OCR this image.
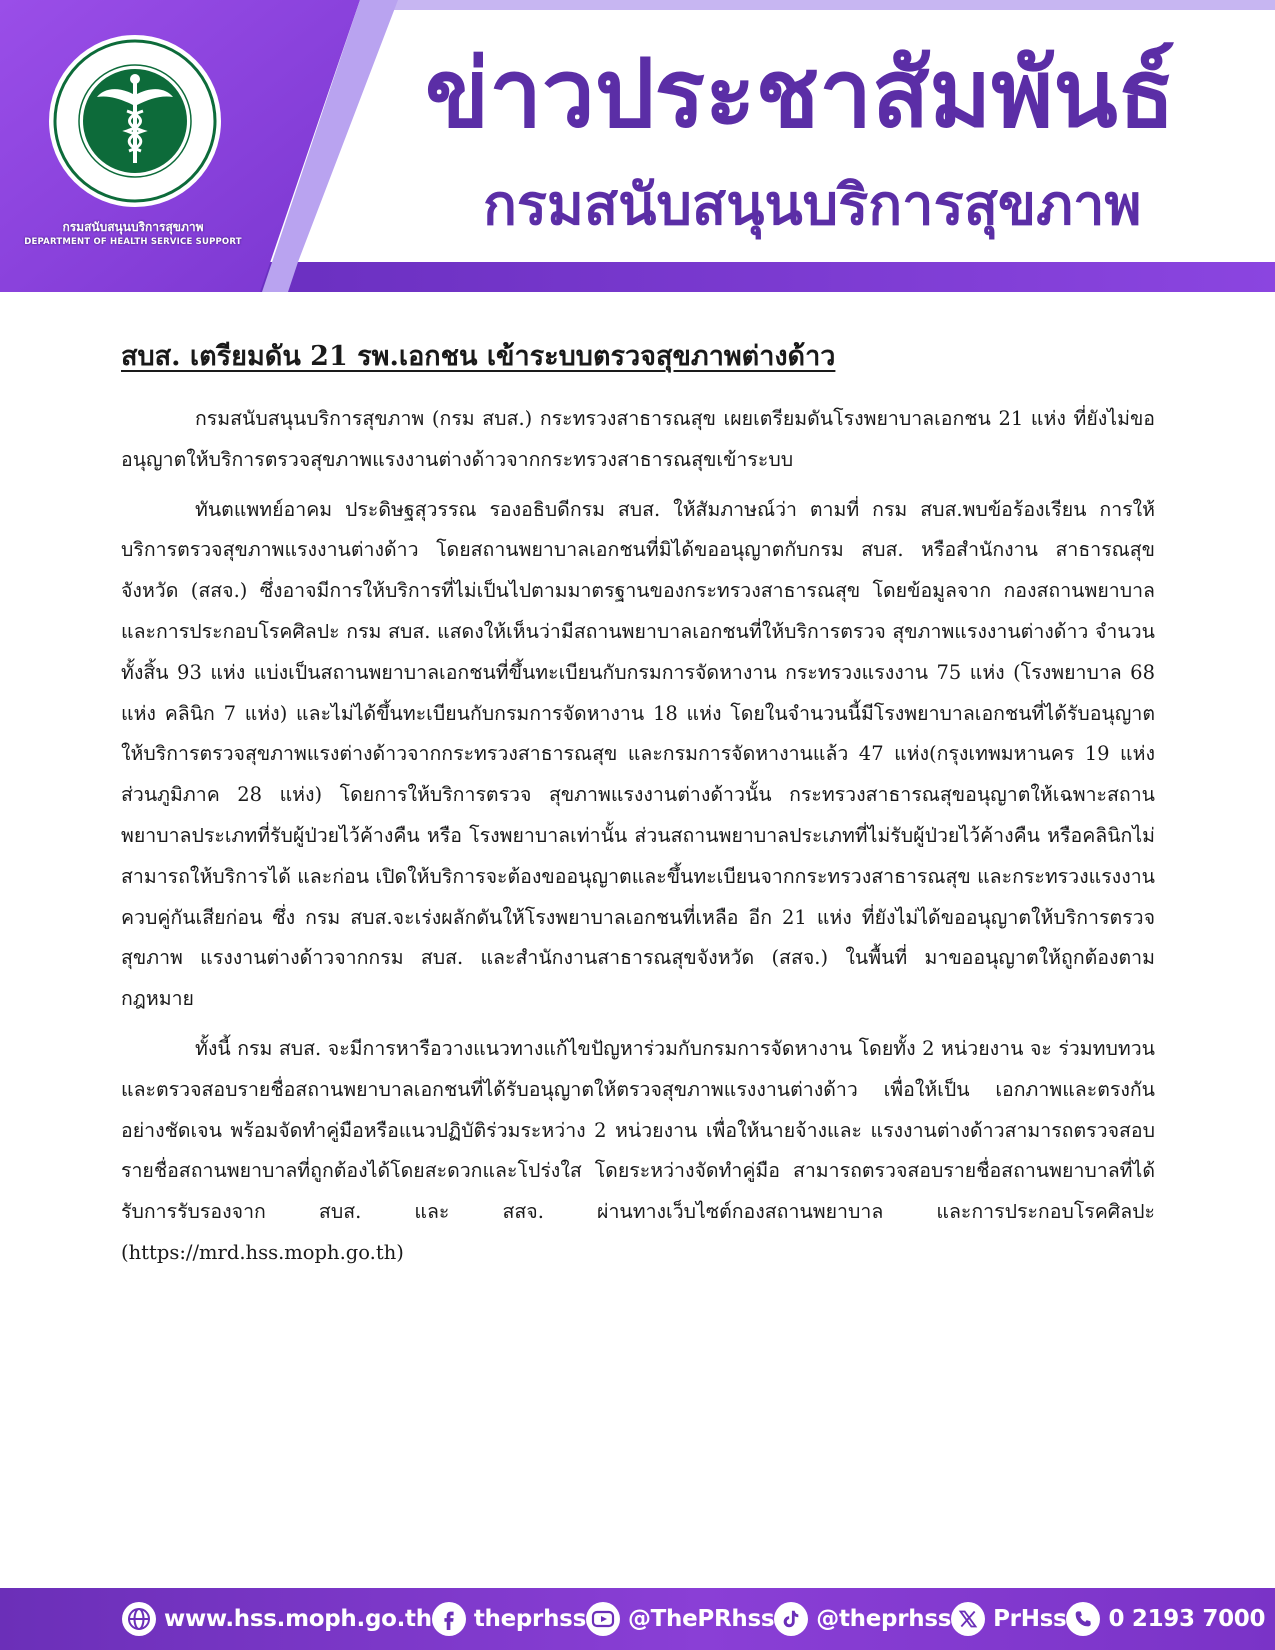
กรมสนับสนุนบริการสุขภาพ
DEPARTMENT OF HEALTH SERVICE SUPPORT
ข่าวประชาสัมพันธ์
กรมสนับสนุนบริการสุขภาพ
สบส. เตรียมดัน 21 รพ.เอกชน เข้าระบบตรวจสุขภาพต่างด้าว

กรมสนับสนุนบริการสุขภาพ (กรม สบส.) กระทรวงสาธารณสุข เผยเตรียมดันโรงพยาบาลเอกชน 21 แห่ง ที่ยังไม่ขออนุญาตให้บริการตรวจสุขภาพแรงงานต่างด้าวจากกระทรวงสาธารณสุขเข้าระบบ

ทันตแพทย์อาคม ประดิษฐสุวรรณ รองอธิบดีกรม สบส. ให้สัมภาษณ์ว่า ตามที่ กรม สบส.พบข้อร้องเรียน การให้บริการตรวจสุขภาพแรงงานต่างด้าว โดยสถานพยาบาลเอกชนที่มิได้ขออนุญาตกับกรม สบส. หรือสำนักงาน สาธารณสุขจังหวัด (สสจ.) ซึ่งอาจมีการให้บริการที่ไม่เป็นไปตามมาตรฐานของกระทรวงสาธารณสุข โดยข้อมูลจาก กองสถานพยาบาลและการประกอบโรคศิลปะ กรม สบส. แสดงให้เห็นว่ามีสถานพยาบาลเอกชนที่ให้บริการตรวจ สุขภาพแรงงานต่างด้าว จำนวนทั้งสิ้น 93 แห่ง แบ่งเป็นสถานพยาบาลเอกชนที่ขึ้นทะเบียนกับกรมการจัดหางาน กระทรวงแรงงาน 75 แห่ง (โรงพยาบาล 68 แห่ง คลินิก 7 แห่ง) และไม่ได้ขึ้นทะเบียนกับกรมการจัดหางาน 18 แห่ง โดยในจำนวนนี้มีโรงพยาบาลเอกชนที่ได้รับอนุญาตให้บริการตรวจสุขภาพแรงต่างด้าวจากกระทรวงสาธารณสุข และกรมการจัดหางานแล้ว 47 แห่ง(กรุงเทพมหานคร 19 แห่ง ส่วนภูมิภาค 28 แห่ง) โดยการให้บริการตรวจ สุขภาพแรงงานต่างด้าวนั้น กระทรวงสาธารณสุขอนุญาตให้เฉพาะสถานพยาบาลประเภทที่รับผู้ป่วยไว้ค้างคืน หรือ โรงพยาบาลเท่านั้น ส่วนสถานพยาบาลประเภทที่ไม่รับผู้ป่วยไว้ค้างคืน หรือคลินิกไม่สามารถให้บริการได้ และก่อน เปิดให้บริการจะต้องขออนุญาตและขึ้นทะเบียนจากกระทรวงสาธารณสุข และกระทรวงแรงงานควบคู่กันเสียก่อน ซึ่ง กรม สบส.จะเร่งผลักดันให้โรงพยาบาลเอกชนที่เหลือ อีก 21 แห่ง ที่ยังไม่ได้ขออนุญาตให้บริการตรวจสุขภาพ แรงงานต่างด้าวจากกรม สบส. และสำนักงานสาธารณสุขจังหวัด (สสจ.) ในพื้นที่ มาขออนุญาตให้ถูกต้องตาม กฎหมาย

ทั้งนี้ กรม สบส. จะมีการหารือวางแนวทางแก้ไขปัญหาร่วมกับกรมการจัดหางาน โดยทั้ง 2 หน่วยงาน จะ ร่วมทบทวน และตรวจสอบรายชื่อสถานพยาบาลเอกชนที่ได้รับอนุญาตให้ตรวจสุขภาพแรงงานต่างด้าว เพื่อให้เป็น เอกภาพและตรงกันอย่างชัดเจน พร้อมจัดทำคู่มือหรือแนวปฏิบัติร่วมระหว่าง 2 หน่วยงาน เพื่อให้นายจ้างและ แรงงานต่างด้าวสามารถตรวจสอบรายชื่อสถานพยาบาลที่ถูกต้องได้โดยสะดวกและโปร่งใส โดยระหว่างจัดทำคู่มือ สามารถตรวจสอบรายชื่อสถานพยาบาลที่ได้รับการรับรองจาก สบส. และ สสจ. ผ่านทางเว็บไซต์กองสถานพยาบาล และการประกอบโรคศิลปะ (https://mrd.hss.moph.go.th)

www.hss.moph.go.th theprhss @ThePRhss @theprhss PrHss 0 2193 7000
